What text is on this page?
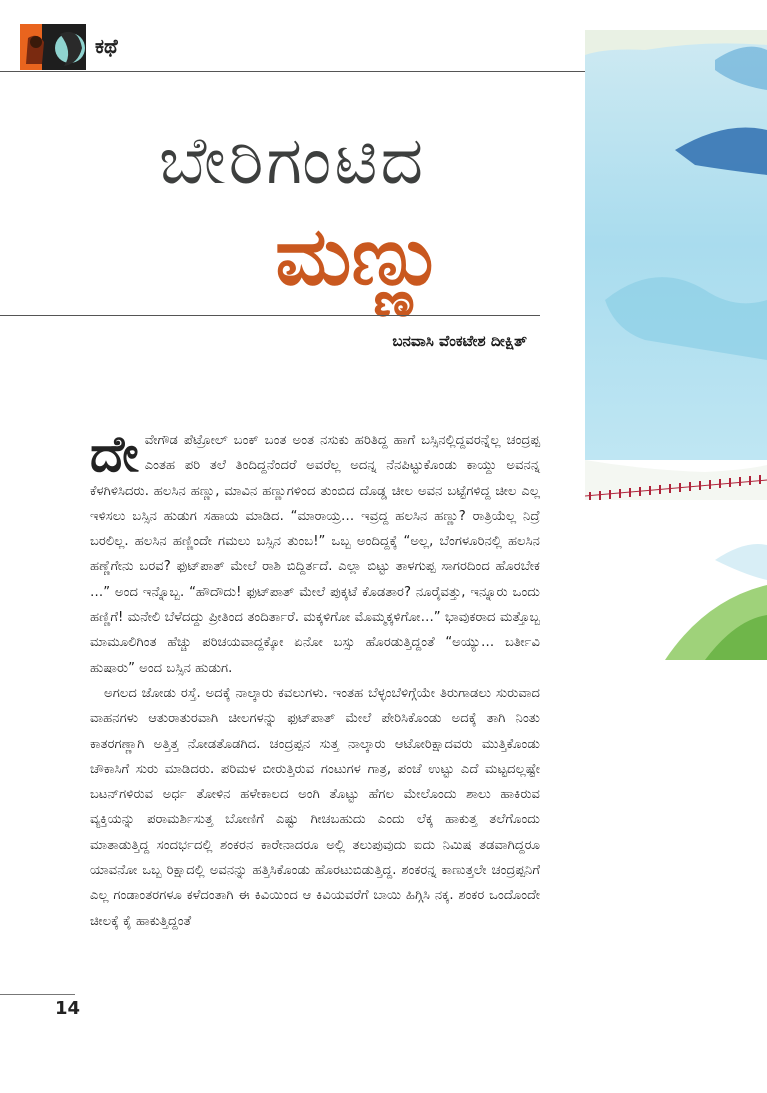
ಕಥೆ
ಬೇರಿಗಂಟಿದ
ಮಣ್ಣು
ಬನವಾಸಿ ವೆಂಕಟೇಶ ದೀಕ್ಷಿತ್

ದೇ ವೇಗೌಡ ಪೆಟ್ರೋಲ್ ಬಂಕ್ ಬಂತ ಅಂತ ನಸುಕು ಹರಿತಿದ್ದ ಹಾಗೆ ಬಸ್ಸಿನಲ್ಲಿದ್ದವರನ್ನೆಲ್ಲ ಚಂದ್ರಪ್ಪ ಎಂತಹ ಪರಿ ತಲೆ ತಿಂದಿದ್ದನೆಂದರೆ ಅವರೆಲ್ಲ ಅದನ್ನ ನೆನಪಿಟ್ಟುಕೊಂಡು ಕಾಯ್ದು ಅವನನ್ನ ಕೆಳಗಿಳಿಸಿದರು. ಹಲಸಿನ ಹಣ್ಣು, ಮಾವಿನ ಹಣ್ಣುಗಳಿಂದ ತುಂಬಿದ ದೊಡ್ಡ ಚೀಲ ಅವನ ಬಟ್ಟೆಗಳಿದ್ದ ಚೀಲ ಎಲ್ಲ ಇಳಿಸಲು ಬಸ್ಸಿನ ಹುಡುಗ ಸಹಾಯ ಮಾಡಿದ. “ಮಾರಾಯ್ರ… ಇವ್ರದ್ದ ಹಲಸಿನ ಹಣ್ಣು? ರಾತ್ರಿಯೆಲ್ಲ ನಿದ್ರೆ ಬರಲಿಲ್ಲ. ಹಲಸಿನ ಹಣ್ಣಿಂದೇ ಗಮಲು ಬಸ್ಸಿನ ತುಂಬ!” ಒಬ್ಬ ಅಂದಿದ್ದಕ್ಕೆ “ಅಲ್ಲ, ಬೆಂಗಳೂರಿನಲ್ಲಿ ಹಲಸಿನ ಹಣ್ಣೆಗೇನು ಬರವ? ಫುಟ್‌ಪಾತ್ ಮೇಲೆ ರಾಶಿ ಬಿದ್ದಿರ್ತದೆ. ಎಲ್ಲಾ ಬಿಟ್ಟು ತಾಳಗುಪ್ಪ ಸಾಗರದಿಂದ ಹೊರಬೇಕ …” ಅಂದ ಇನ್ನೊಬ್ಬ. “ಹೌದೌದು! ಫುಟ್‌ಪಾತ್ ಮೇಲೆ ಪುಕ್ಕಟೆ ಕೊಡತಾರ? ನೂರೈವತ್ತು, ಇನ್ನೂರು ಒಂದು ಹಣ್ಣಿಗೆ! ಮನೇಲಿ ಬೆಳೆದದ್ದು ಪ್ರೀತಿಂದ ತಂದಿರ್ತಾರೆ. ಮಕ್ಕಳಿಗೋ ಮೊಮ್ಮಕ್ಕಳಿಗೋ…” ಭಾವುಕರಾದ ಮತ್ತೊಬ್ಬ ಮಾಮೂಲಿಗಿಂತ ಹೆಚ್ಚು ಪರಿಚಯವಾದ್ದಕ್ಕೋ ಏನೋ ಬಸ್ಸು ಹೊರಡುತ್ತಿದ್ದಂತೆ “ಅಯ್ಯು… ಬರ್ತೀವಿ ಹುಷಾರು” ಅಂದ ಬಸ್ಸಿನ ಹುಡುಗ.

ಅಗಲದ ಜೋಡು ರಸ್ತೆ. ಅದಕ್ಕೆ ನಾಲ್ಕಾರು ಕವಲುಗಳು. ಇಂತಹ ಬೆಳ್ಳಂಬೆಳಿಗ್ಗೆಯೇ ತಿರುಗಾಡಲು ಸುರುವಾದ ವಾಹನಗಳು ಆತುರಾತುರವಾಗಿ ಚೀಲಗಳನ್ನು ಫುಟ್‌ಪಾತ್ ಮೇಲೆ ಪೇರಿಸಿಕೊಂಡು ಅದಕ್ಕೆ ತಾಗಿ ನಿಂತು ಕಾತರಗಣ್ಣಾಗಿ ಅತ್ತಿತ್ತ ನೋಡತೊಡಗಿದ. ಚಂದ್ರಪ್ಪನ ಸುತ್ತ ನಾಲ್ಕಾರು ಆಟೋರಿಕ್ಷಾದವರು ಮುತ್ತಿಕೊಂಡು ಚೌಕಾಸಿಗೆ ಸುರು ಮಾಡಿದರು. ಪರಿಮಳ ಬೀರುತ್ತಿರುವ ಗಂಟುಗಳ ಗಾತ್ರ, ಪಂಚೆ ಉಟ್ಟು ಎದೆ ಮಟ್ಟದಲ್ಲಷ್ಟೇ ಬಟನ್‌ಗಳಿರುವ ಅರ್ಧ ತೋಳಿನ ಹಳೇಕಾಲದ ಅಂಗಿ ತೊಟ್ಟು ಹೆಗಲ ಮೇಲೊಂದು ಶಾಲು ಹಾಕಿರುವ ವ್ಯಕ್ತಿಯನ್ನು ಪರಾಮರ್ಶಿಸುತ್ತ ಬೋಣಿಗೆ ಎಷ್ಟು ಗೀಚಬಹುದು ಎಂದು ಲೆಕ್ಕ ಹಾಕುತ್ತ ತಲೆಗೊಂದು ಮಾತಾಡುತ್ತಿದ್ದ ಸಂದರ್ಭದಲ್ಲಿ ಶಂಕರನ ಕಾರೇನಾದರೂ ಅಲ್ಲಿ ತಲುಪುವುದು ಐದು ನಿಮಿಷ ತಡವಾಗಿದ್ದರೂ ಯಾವನೋ ಒಬ್ಬ ರಿಕ್ಷಾದಲ್ಲಿ ಅವನನ್ನು ಹತ್ತಿಸಿಕೊಂಡು ಹೊರಟುಬಿಡುತ್ತಿದ್ದ. ಶಂಕರನ್ನ ಕಾಣುತ್ತಲೇ ಚಂದ್ರಪ್ಪನಿಗೆ ಎಲ್ಲ ಗಂಡಾಂತರಗಳೂ ಕಳೆದಂತಾಗಿ ಈ ಕಿವಿಯಿಂದ ಆ ಕಿವಿಯವರೆಗೆ ಬಾಯಿ ಹಿಗ್ಗಿಸಿ ನಕ್ಕ. ಶಂಕರ ಒಂದೊಂದೇ ಚೀಲಕ್ಕೆ ಕೈ ಹಾಕುತ್ತಿದ್ದಂತೆ

14
